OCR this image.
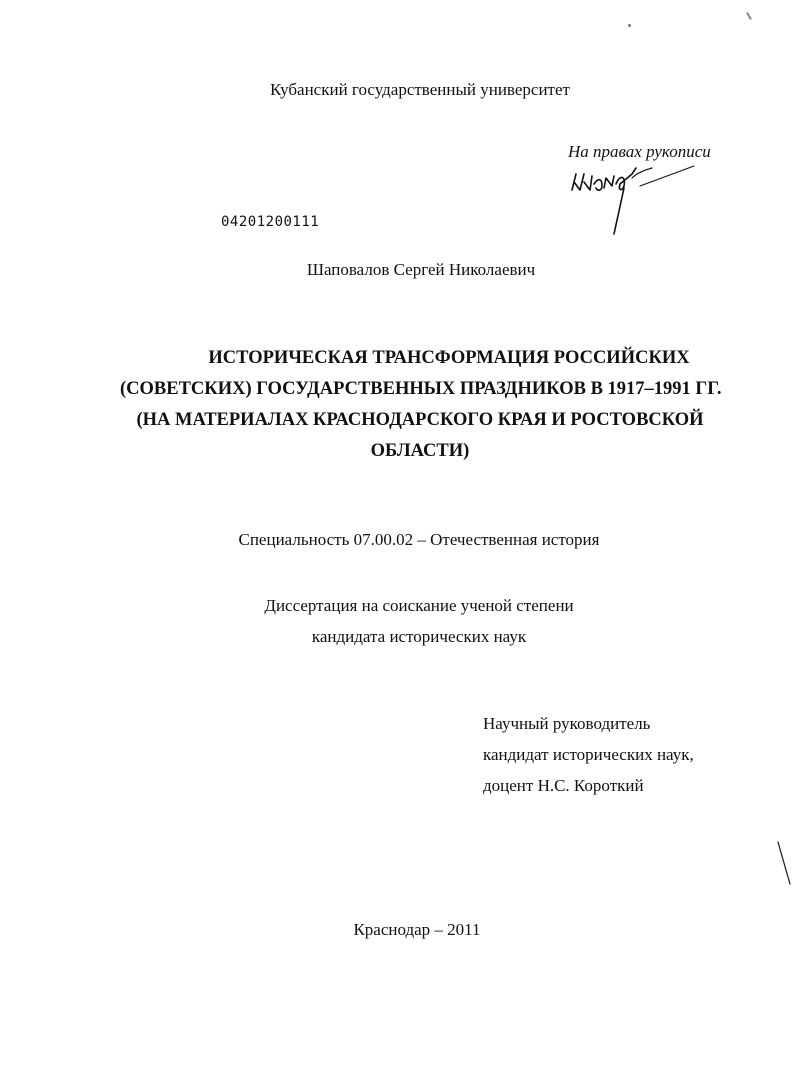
Кубанский государственный университет
На правах рукописи
04201200111
Шаповалов Сергей Николаевич
ИСТОРИЧЕСКАЯ ТРАНСФОРМАЦИЯ РОССИЙСКИХ
(СОВЕТСКИХ) ГОСУДАРСТВЕННЫХ ПРАЗДНИКОВ В 1917–1991 ГГ.
(НА МАТЕРИАЛАХ КРАСНОДАРСКОГО КРАЯ И РОСТОВСКОЙ
ОБЛАСТИ)
Специальность 07.00.02 – Отечественная история
Диссертация на соискание ученой степени
кандидата исторических наук
Научный руководитель
кандидат исторических наук,
доцент Н.С. Короткий
Краснодар – 2011
